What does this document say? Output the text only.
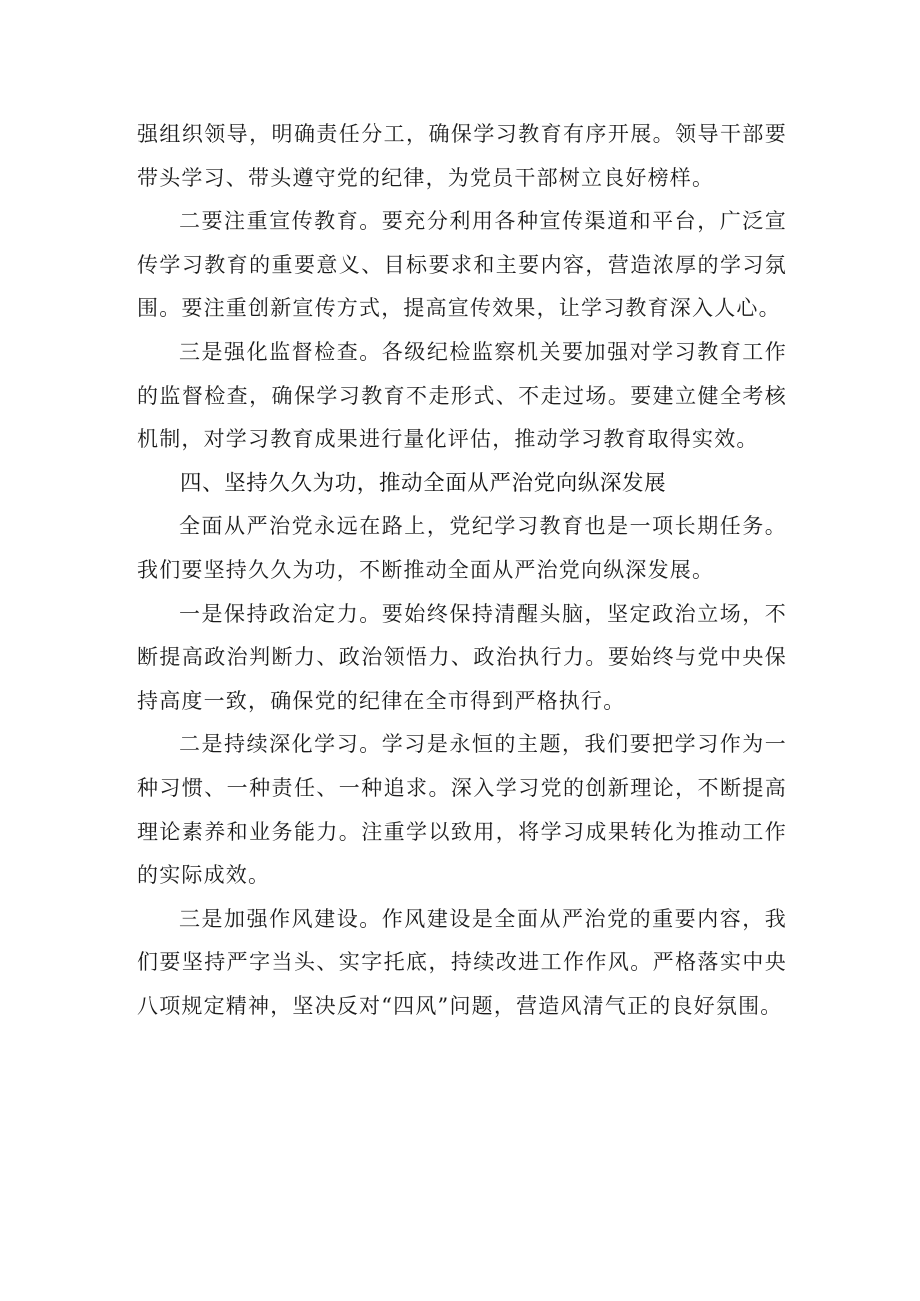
强组织领导，明确责任分工，确保学习教育有序开展。领导干部要带头学习、带头遵守党的纪律，为党员干部树立良好榜样。

二要注重宣传教育。要充分利用各种宣传渠道和平台，广泛宣传学习教育的重要意义、目标要求和主要内容，营造浓厚的学习氛围。要注重创新宣传方式，提高宣传效果，让学习教育深入人心。

三是强化监督检查。各级纪检监察机关要加强对学习教育工作的监督检查，确保学习教育不走形式、不走过场。要建立健全考核机制，对学习教育成果进行量化评估，推动学习教育取得实效。

四、坚持久久为功，推动全面从严治党向纵深发展

全面从严治党永远在路上，党纪学习教育也是一项长期任务。我们要坚持久久为功，不断推动全面从严治党向纵深发展。

一是保持政治定力。要始终保持清醒头脑，坚定政治立场，不断提高政治判断力、政治领悟力、政治执行力。要始终与党中央保持高度一致，确保党的纪律在全市得到严格执行。

二是持续深化学习。学习是永恒的主题，我们要把学习作为一种习惯、一种责任、一种追求。深入学习党的创新理论，不断提高理论素养和业务能力。注重学以致用，将学习成果转化为推动工作的实际成效。

三是加强作风建设。作风建设是全面从严治党的重要内容，我们要坚持严字当头、实字托底，持续改进工作作风。严格落实中央八项规定精神，坚决反对“四风”问题，营造风清气正的良好氛围。
